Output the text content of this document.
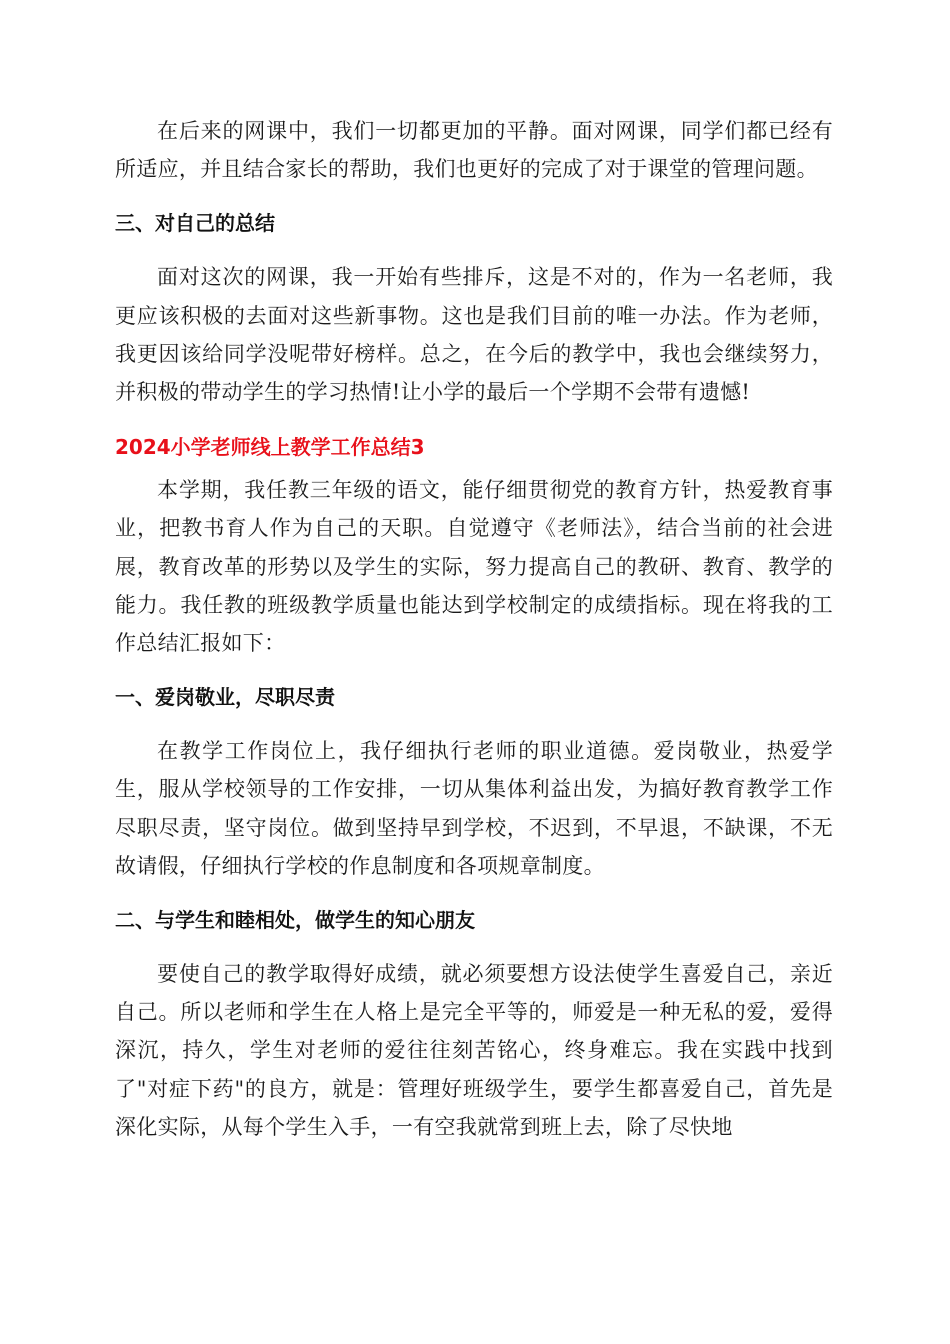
在后来的网课中，我们一切都更加的平静。面对网课，同学们都已经有所适应，并且结合家长的帮助，我们也更好的完成了对于课堂的管理问题。

三、对自己的总结

面对这次的网课，我一开始有些排斥，这是不对的，作为一名老师，我更应该积极的去面对这些新事物。这也是我们目前的唯一办法。作为老师，我更因该给同学没呢带好榜样。总之，在今后的教学中，我也会继续努力，并积极的带动学生的学习热情!让小学的最后一个学期不会带有遗憾!

2024小学老师线上教学工作总结3

本学期，我任教三年级的语文，能仔细贯彻党的教育方针，热爱教育事业，把教书育人作为自己的天职。自觉遵守《老师法》，结合当前的社会进展，教育改革的形势以及学生的实际，努力提高自己的教研、教育、教学的能力。我任教的班级教学质量也能达到学校制定的成绩指标。现在将我的工作总结汇报如下：

一、爱岗敬业，尽职尽责

在教学工作岗位上，我仔细执行老师的职业道德。爱岗敬业，热爱学生，服从学校领导的工作安排，一切从集体利益出发，为搞好教育教学工作尽职尽责，坚守岗位。做到坚持早到学校，不迟到，不早退，不缺课，不无故请假，仔细执行学校的作息制度和各项规章制度。

二、与学生和睦相处，做学生的知心朋友

要使自己的教学取得好成绩，就必须要想方设法使学生喜爱自己，亲近自己。所以老师和学生在人格上是完全平等的，师爱是一种无私的爱，爱得深沉，持久，学生对老师的爱往往刻苦铭心，终身难忘。我在实践中找到了"对症下药"的良方，就是：管理好班级学生，要学生都喜爱自己，首先是深化实际，从每个学生入手，一有空我就常到班上去，除了尽快地
